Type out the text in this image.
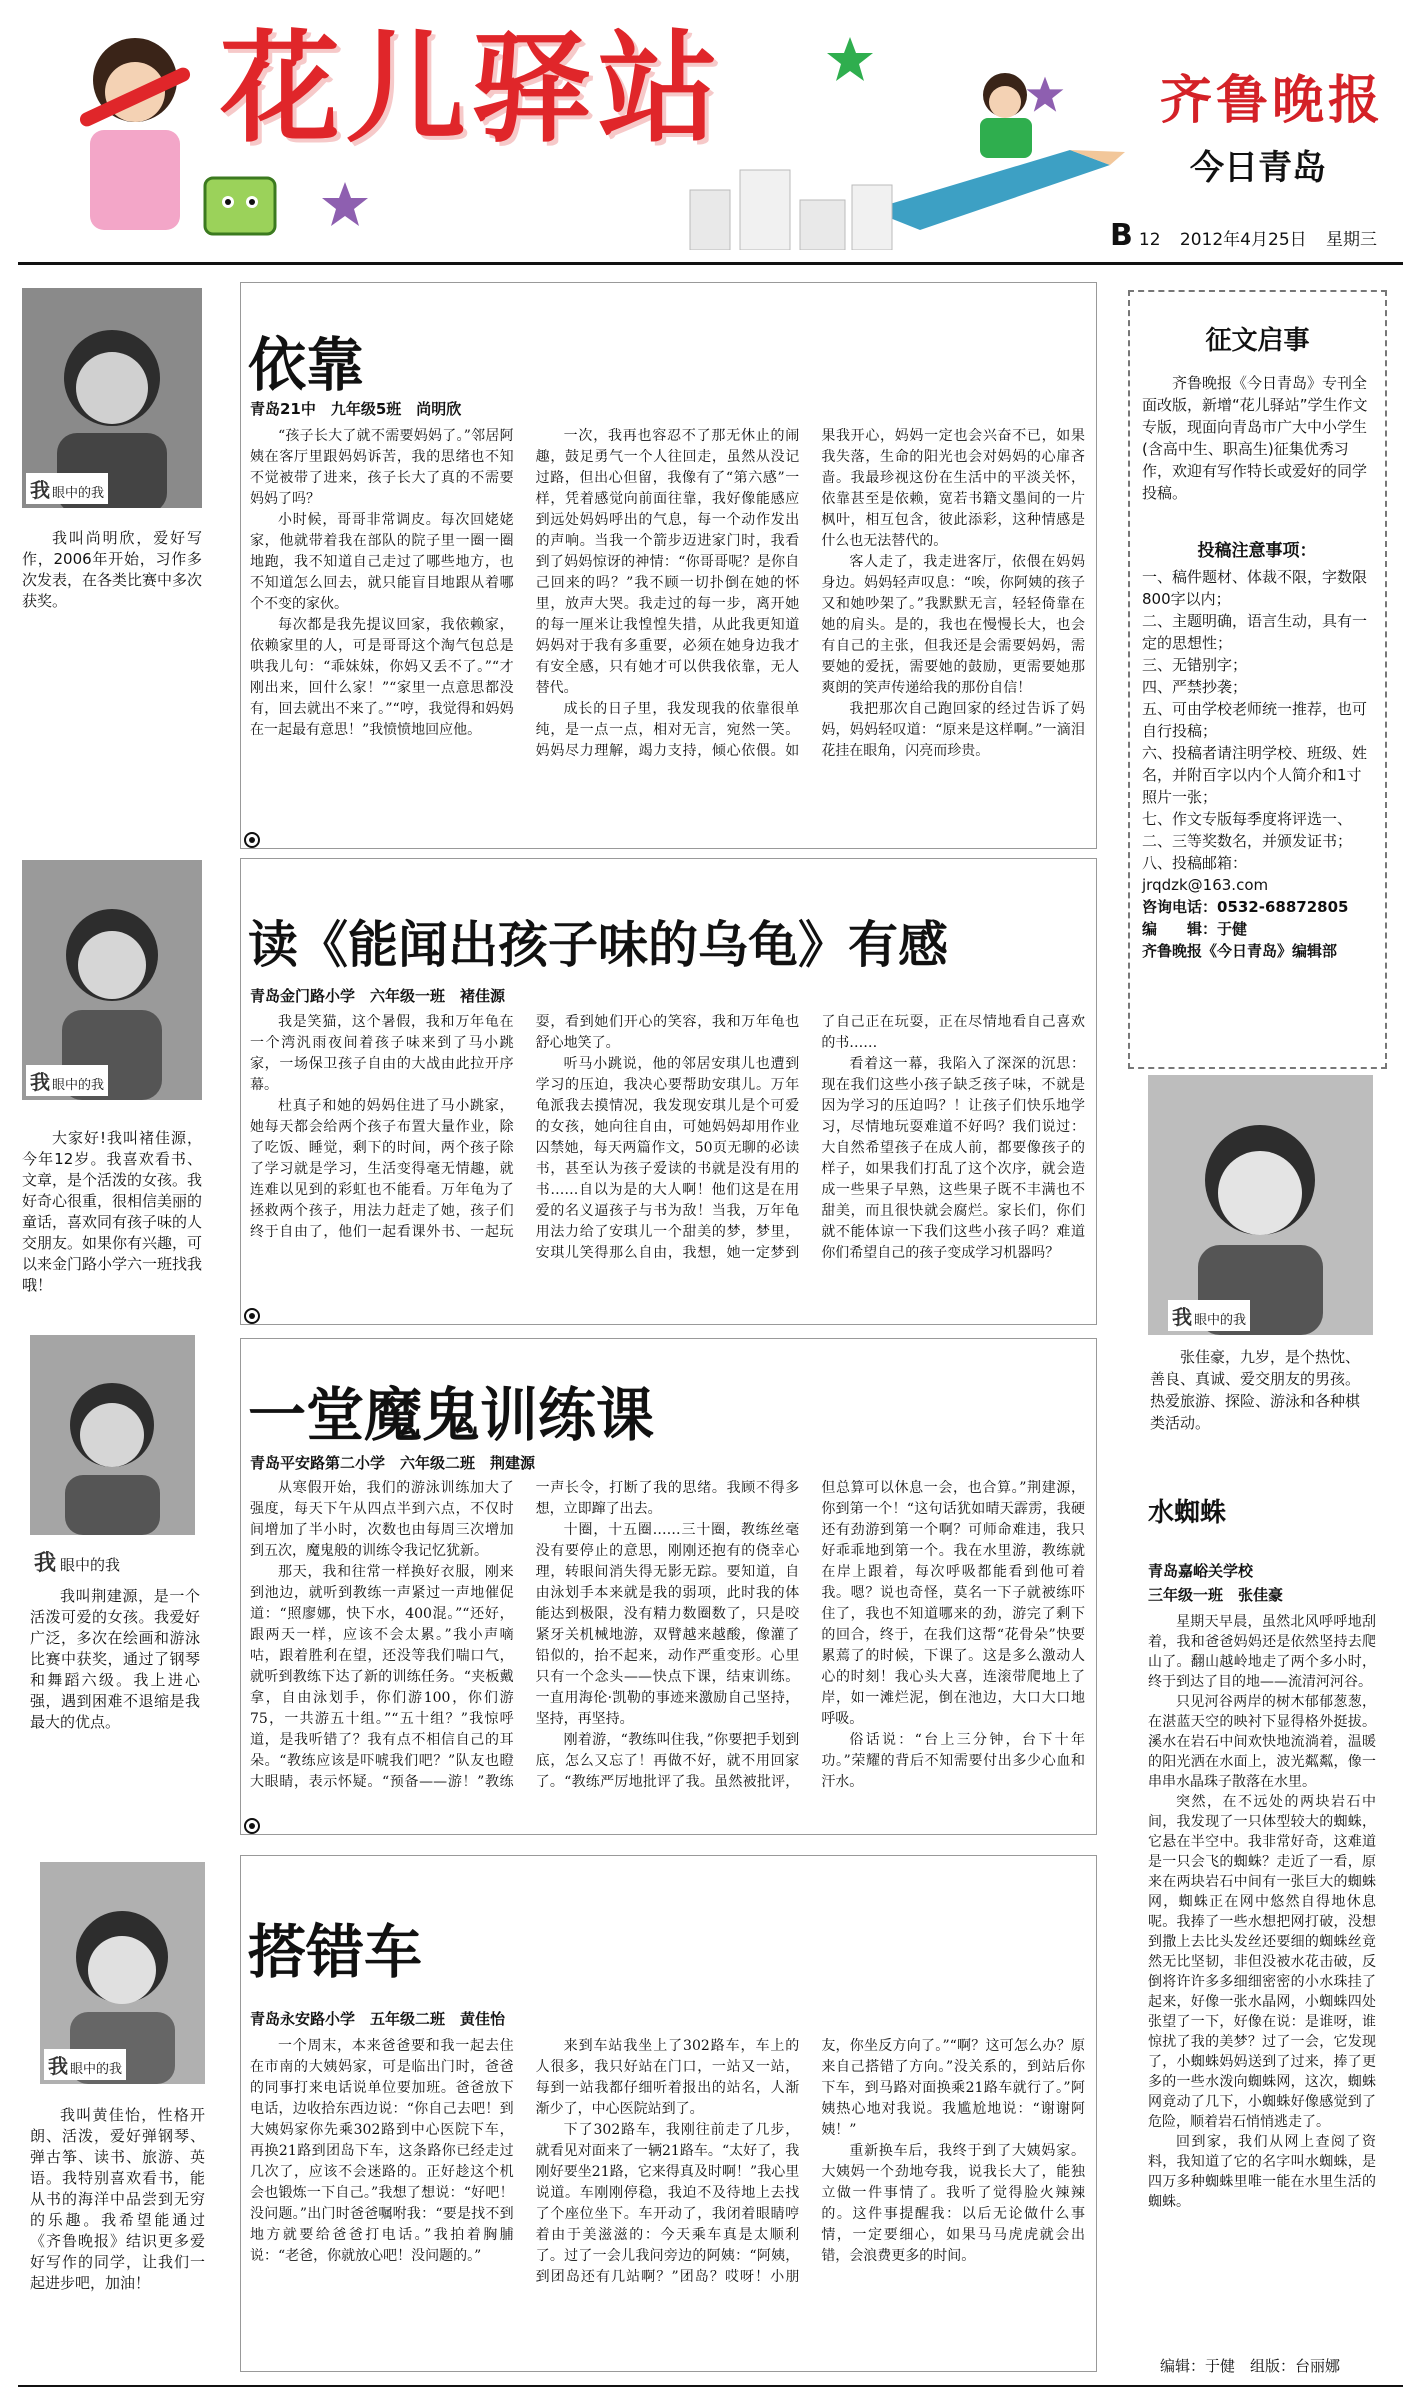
花儿驿站	齐鲁晚报
今日青岛
B 12 2012年4月25日 星期三
我眼中的我
我叫尚明欣，爱好写作，2006年开始，习作多次发表，在各类比赛中多次获奖。
依靠
青岛21中　九年级5班　尚明欣

“孩子长大了就不需要妈妈了。”邻居阿姨在客厅里跟妈妈诉苦，我的思绪也不知不觉被带了进来，孩子长大了真的不需要妈妈了吗？

小时候，哥哥非常调皮。每次回姥姥家，他就带着我在部队的院子里一圈一圈地跑，我不知道自己走过了哪些地方，也不知道怎么回去，就只能盲目地跟从着哪个不变的家伙。

每次都是我先提议回家，我依赖家，依赖家里的人，可是哥哥这个淘气包总是哄我儿句：“乖妹妹，你妈又丢不了。”“才刚出来，回什么家！”“家里一点意思都没有，回去就出不来了。”“哼，我觉得和妈妈在一起最有意思！”我愤愤地回应他。

一次，我再也容忍不了那无休止的闹趣，鼓足勇气一个人往回走，虽然从没记过路，但出心但留，我像有了“第六感”一样，凭着感觉向前面往靠，我好像能感应到远处妈妈呼出的气息，每一个动作发出的声响。当我一个箭步迈进家门时，我看到了妈妈惊讶的神情：“你哥哥呢？是你自己回来的吗？”我不顾一切扑倒在她的怀里，放声大哭。我走过的每一步，离开她的每一厘米让我惶惶失措，从此我更知道妈妈对于我有多重要，必须在她身边我才有安全感，只有她才可以供我依靠，无人替代。

成长的日子里，我发现我的依靠很单纯，是一点一点，相对无言，宛然一笑。妈妈尽力理解，竭力支持，倾心依偎。如果我开心，妈妈一定也会兴奋不已，如果我失落，生命的阳光也会对妈妈的心扉吝啬。我最珍视这份在生活中的平淡关怀，依靠甚至是依赖，宽若书籍文墨间的一片枫叶，相互包含，彼此添彩，这种情感是什么也无法替代的。

客人走了，我走进客厅，依偎在妈妈身边。妈妈轻声叹息：“唉，你阿姨的孩子又和她吵架了。”我默默无言，轻轻倚靠在她的肩头。是的，我也在慢慢长大，也会有自己的主张，但我还是会需要妈妈，需要她的爱抚，需要她的鼓励，更需要她那爽朗的笑声传递给我的那份自信！

我把那次自己跑回家的经过告诉了妈妈，妈妈轻叹道：“原来是这样啊。”一滴泪花挂在眼角，闪亮而珍贵。

我眼中的我
大家好!我叫褚佳源，今年12岁。我喜欢看书、文章，是个活泼的女孩。我好奇心很重，很相信美丽的童话，喜欢同有孩子味的人交朋友。如果你有兴趣，可以来金门路小学六一班找我哦！
读《能闻出孩子味的乌龟》有感
青岛金门路小学　六年级一班　褚佳源

我是笑猫，这个暑假，我和万年龟在一个湾汎雨夜间着孩子味来到了马小跳家，一场保卫孩子自由的大战由此拉开序幕。

杜真子和她的妈妈住进了马小跳家，她每天都会给两个孩子布置大量作业，除了吃饭、睡觉，剩下的时间，两个孩子除了学习就是学习，生活变得毫无情趣，就连难以见到的彩虹也不能看。万年龟为了拯救两个孩子，用法力赶走了她，孩子们终于自由了，他们一起看课外书、一起玩耍，看到她们开心的笑容，我和万年龟也舒心地笑了。

听马小跳说，他的邻居安琪儿也遭到学习的压迫，我决心要帮助安琪儿。万年龟派我去摸情况，我发现安琪儿是个可爱的女孩，她向往自由，可她妈妈却用作业囚禁她，每天两篇作文，50页无聊的必读书，甚至认为孩子爱读的书就是没有用的书……自以为是的大人啊！他们这是在用爱的名义逼孩子与书为敌！当我，万年龟用法力给了安琪儿一个甜美的梦，梦里，安琪儿笑得那么自由，我想，她一定梦到了自己正在玩耍，正在尽情地看自己喜欢的书……

看着这一幕，我陷入了深深的沉思：现在我们这些小孩子缺乏孩子味，不就是因为学习的压迫吗？！让孩子们快乐地学习，尽情地玩耍难道不好吗？我们说过：大自然希望孩子在成人前，都要像孩子的样子，如果我们打乱了这个次序，就会造成一些果子早熟，这些果子既不丰满也不甜美，而且很快就会腐烂。家长们，你们就不能体谅一下我们这些小孩子吗？难道你们希望自己的孩子变成学习机器吗？

我 眼中的我
我叫荆建源，是一个活泼可爱的女孩。我爱好广泛，多次在绘画和游泳比赛中获奖，通过了钢琴和舞蹈六级。我上进心强，遇到困难不退缩是我最大的优点。
一堂魔鬼训练课
青岛平安路第二小学　六年级二班　荆建源

从寒假开始，我们的游泳训练加大了强度，每天下午从四点半到六点，不仅时间增加了半小时，次数也由每周三次增加到五次，魔鬼般的训练令我记忆犹新。

那天，我和往常一样换好衣服，刚来到池边，就听到教练一声紧过一声地催促道：“照廖娜，快下水，400混。”“还好，跟两天一样，应该不会太累。”我小声嘀咕，跟着胜利在望，还没等我们喘口气，就听到教练下达了新的训练任务。“夹板戴拿，自由泳划手，你们游100，你们游75，一共游五十组。”“五十组？”我惊呼道，是我听错了？我有点不相信自己的耳朵。“教练应该是吓唬我们吧？”队友也瞪大眼睛，表示怀疑。“预备——游！”教练一声长令，打断了我的思绪。我顾不得多想，立即蹿了出去。

十圈，十五圈……三十圈，教练丝毫没有要停止的意思，刚刚还抱有的侥幸心理，转眼间消失得无影无踪。要知道，自由泳划手本来就是我的弱项，此时我的体能达到极限，没有精力数圈数了，只是咬紧牙关机械地游，双臂越来越酸，像灌了铅似的，抬不起来，动作严重变形。心里只有一个念头——快点下课，结束训练。一直用海伦·凯勒的事迹来激励自己坚持，坚持，再坚持。

刚着游，“教练叫住我，”你要把手划到底，怎么又忘了！再做不好，就不用回家了。“教练严厉地批评了我。虽然被批评，但总算可以休息一会，也合算。”荆建源，你到第一个！“这句话犹如晴天霹雳，我硬还有劲游到第一个啊？可师命难违，我只好乖乖地到第一个。我在水里游，教练就在岸上跟着，每次呼吸都能看到他可着我。嗯？说也奇怪，莫名一下子就被练吓住了，我也不知道哪来的劲，游完了剩下的回合，终于，在我们这帮“花骨朵”快要累蔫了的时候，下课了。这是多么激动人心的时刻！我心头大喜，连滚带爬地上了岸，如一滩烂泥，倒在池边，大口大口地呼吸。

俗话说：“台上三分钟，台下十年功。”荣耀的背后不知需要付出多少心血和汗水。

我眼中的我
我叫黄佳怡，性格开朗、活泼，爱好弹钢琴、弹古筝、读书、旅游、英语。我特别喜欢看书，能从书的海洋中品尝到无穷的乐趣。我希望能通过《齐鲁晚报》结识更多爱好写作的同学，让我们一起进步吧，加油！
搭错车
青岛永安路小学　五年级二班　黄佳怡

一个周末，本来爸爸要和我一起去住在市南的大姨妈家，可是临出门时，爸爸的同事打来电话说单位要加班。爸爸放下电话，边收拾东西边说：“你自己去吧！到大姨妈家你先乘302路到中心医院下车，再换21路到团岛下车，这条路你已经走过几次了，应该不会迷路的。正好趁这个机会也锻炼一下自己。”我想了想说：“好吧！没问题。”出门时爸爸嘱咐我：“要是找不到地方就要给爸爸打电话。”我拍着胸脯说：“老爸，你就放心吧！没问题的。”

来到车站我坐上了302路车，车上的人很多，我只好站在门口，一站又一站，每到一站我都仔细听着报出的站名，人渐渐少了，中心医院站到了。

下了302路车，我刚往前走了几步，就看见对面来了一辆21路车。“太好了，我刚好要坐21路，它来得真及时啊！”我心里说道。车刚刚停稳，我迫不及待地上去找了个座位坐下。车开动了，我闭着眼睛哼着由于美滋滋的：今天乘车真是太顺利了。过了一会儿我问旁边的阿姨：“阿姨，到团岛还有几站啊？”团岛？哎呀！小朋友，你坐反方向了。”“啊？这可怎么办？原来自己搭错了方向。”没关系的，到站后你下车，到马路对面换乘21路车就行了。”阿姨热心地对我说。我尴尬地说：“谢谢阿姨！”

重新换车后，我终于到了大姨妈家。大姨妈一个劲地夸我，说我长大了，能独立做一件事情了。我听了觉得脸火辣辣的。这件事提醒我：以后无论做什么事情，一定要细心，如果马马虎虎就会出错，会浪费更多的时间。

征文启事
齐鲁晚报《今日青岛》专刊全面改版，新增“花儿驿站”学生作文专版，现面向青岛市广大中小学生(含高中生、职高生)征集优秀习作，欢迎有写作特长或爱好的同学投稿。
投稿注意事项：
一、稿件题材、体裁不限，字数限800字以内；
二、主题明确，语言生动，具有一定的思想性；
三、无错别字；
四、严禁抄袭；
五、可由学校老师统一推荐，也可自行投稿；
六、投稿者请注明学校、班级、姓名，并附百字以内个人简介和1寸照片一张；
七、作文专版每季度将评选一、二、三等奖数名，并颁发证书；
八、投稿邮箱：jrqdzk@163.com
咨询电话：0532-68872805
编　　辑：于健
齐鲁晚报《今日青岛》编辑部
我眼中的我
张佳豪，九岁，是个热忱、善良、真诚、爱交朋友的男孩。热爱旅游、探险、游泳和各种棋类活动。
水蜘蛛
青岛嘉峪关学校
三年级一班　张佳豪

星期天早晨，虽然北风呼呼地刮着，我和爸爸妈妈还是依然坚持去爬山了。翻山越岭地走了两个多小时，终于到达了目的地——流清河河谷。

只见河谷两岸的树木郁郁葱葱，在湛蓝天空的映衬下显得格外挺拔。溪水在岩石中间欢快地流淌着，温暖的阳光洒在水面上，波光粼粼，像一串串水晶珠子散落在水里。

突然，在不远处的两块岩石中间，我发现了一只体型较大的蜘蛛，它悬在半空中。我非常好奇，这难道是一只会飞的蜘蛛？走近了一看，原来在两块岩石中间有一张巨大的蜘蛛网，蜘蛛正在网中悠然自得地休息呢。我捧了一些水想把网打破，没想到撒上去比头发丝还要细的蜘蛛丝竟然无比坚韧，非但没被水花击破，反倒将许许多多细细密密的小水珠挂了起来，好像一张水晶网，小蜘蛛四处张望了一下，好像在说：是谁呀，谁惊扰了我的美梦？过了一会，它发现了，小蜘蛛妈妈送到了过来，捧了更多的一些水泼向蜘蛛网，这次，蜘蛛网竟动了几下，小蜘蛛好像感觉到了危险，顺着岩石悄悄逃走了。

回到家，我们从网上查阅了资料，我知道了它的名字叫水蜘蛛，是四万多种蜘蛛里唯一能在水里生活的蜘蛛。

编辑：于健　组版：台丽娜
